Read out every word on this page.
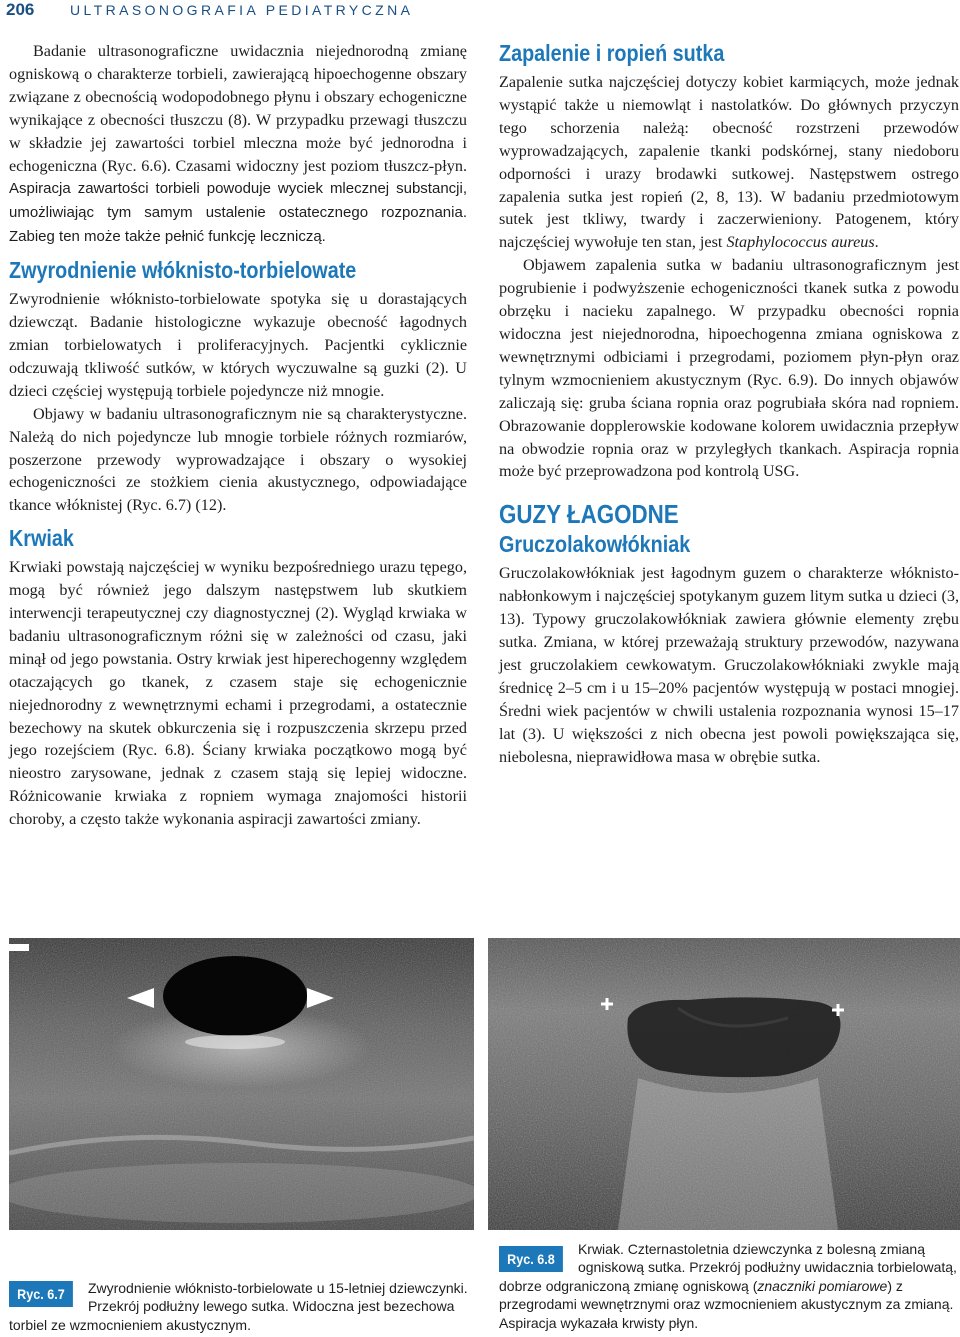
206	ULTRASONOGRAFIA PEDIATRYCZNA

Badanie ultrasonograficzne uwidacznia niejednorodną zmianę ogniskową o charakterze torbieli, zawierającą hipoechogenne obszary związane z obecnością wodopodobnego płynu i obszary echogeniczne wynikające z obecności tłuszczu (8). W przypadku przewagi tłuszczu w składzie jej zawartości torbiel mleczna może być jednorodna i echogeniczna (Ryc. 6.6). Czasami widoczny jest poziom tłuszcz-płyn. Aspiracja zawartości torbieli powoduje wyciek mlecznej substancji, umożliwiając tym samym ustalenie ostatecznego rozpoznania. Zabieg ten może także pełnić funkcję leczniczą.

Zwyrodnienie włóknisto-torbielowate

Zwyrodnienie włóknisto-torbielowate spotyka się u dorastających dziewcząt. Badanie histologiczne wykazuje obecność łagodnych zmian torbielowatych i proliferacyjnych. Pacjentki cyklicznie odczuwają tkliwość sutków, w których wyczuwalne są guzki (2). U dzieci częściej występują torbiele pojedyncze niż mnogie.

Objawy w badaniu ultrasonograficznym nie są charakterystyczne. Należą do nich pojedyncze lub mnogie torbiele różnych rozmiarów, poszerzone przewody wyprowadzające i obszary o wysokiej echogeniczności ze stożkiem cienia akustycznego, odpowiadające tkance włóknistej (Ryc. 6.7) (12).

Krwiak

Krwiaki powstają najczęściej w wyniku bezpośredniego urazu tępego, mogą być również jego dalszym następstwem lub skutkiem interwencji terapeutycznej czy diagnostycznej (2). Wygląd krwiaka w badaniu ultrasonograficznym różni się w zależności od czasu, jaki minął od jego powstania. Ostry krwiak jest hiperechogenny względem otaczających go tkanek, z czasem staje się echogenicznie niejednorodny z wewnętrznymi echami i przegrodami, a ostatecznie bezechowy na skutek obkurczenia się i rozpuszczenia skrzepu przed jego rozejściem (Ryc. 6.8). Ściany krwiaka początkowo mogą być nieostro zarysowane, jednak z czasem stają się lepiej widoczne. Różnicowanie krwiaka z ropniem wymaga znajomości historii choroby, a często także wykonania aspiracji zawartości zmiany.

Zapalenie i ropień sutka

Zapalenie sutka najczęściej dotyczy kobiet karmiących, może jednak wystąpić także u niemowląt i nastolatków. Do głównych przyczyn tego schorzenia należą: obecność rozstrzeni przewodów wyprowadzających, zapalenie tkanki podskórnej, stany niedoboru odporności i urazy brodawki sutkowej. Następstwem ostrego zapalenia sutka jest ropień (2, 8, 13). W badaniu przedmiotowym sutek jest tkliwy, twardy i zaczerwieniony. Patogenem, który najczęściej wywołuje ten stan, jest Staphylococcus aureus.

Objawem zapalenia sutka w badaniu ultrasonograficznym jest pogrubienie i podwyższenie echogeniczności tkanek sutka z powodu obrzęku i nacieku zapalnego. W przypadku obecności ropnia widoczna jest niejednorodna, hipoechogenna zmiana ogniskowa z wewnętrznymi odbiciami i przegrodami, poziomem płyn-płyn oraz tylnym wzmocnieniem akustycznym (Ryc. 6.9). Do innych objawów zaliczają się: gruba ściana ropnia oraz pogrubiała skóra nad ropniem. Obrazowanie dopplerowskie kodowane kolorem uwidacznia przepływ na obwodzie ropnia oraz w przyległych tkankach. Aspiracja ropnia może być przeprowadzona pod kontrolą USG.

GUZY ŁAGODNE
Gruczolakowłókniak

Gruczolakowłókniak jest łagodnym guzem o charakterze włóknisto-nabłonkowym i najczęściej spotykanym guzem litym sutka u dzieci (3, 13). Typowy gruczolakowłókniak zawiera głównie elementy zrębu sutka. Zmiana, w której przeważają struktury przewodów, nazywana jest gruczolakiem cewkowatym. Gruczolakowłókniaki zwykle mają średnicę 2–5 cm i u 15–20% pacjentów występują w postaci mnogiej. Średni wiek pacjentów w chwili ustalenia rozpoznania wynosi 15–17 lat (3). U większości z nich obecna jest powoli powiększająca się, niebolesna, nieprawidłowa masa w obrębie sutka.

Ryc. 6.7	Zwyrodnienie włóknisto-torbielowate u 15-letniej dziewczynki. Przekrój podłużny lewego sutka. Widoczna jest bezechowa torbiel ze wzmocnieniem akustycznym.
Ryc. 6.8
Krwiak. Czternastoletnia dziewczynka z bolesną zmianą ogniskową sutka. Przekrój podłużny uwidacznia torbielowatą, dobrze odgraniczoną zmianę ogniskową (znaczniki pomiarowe) z przegrodami wewnętrznymi oraz wzmocnieniem akustycznym za zmianą. Aspiracja wykazała krwisty płyn.
